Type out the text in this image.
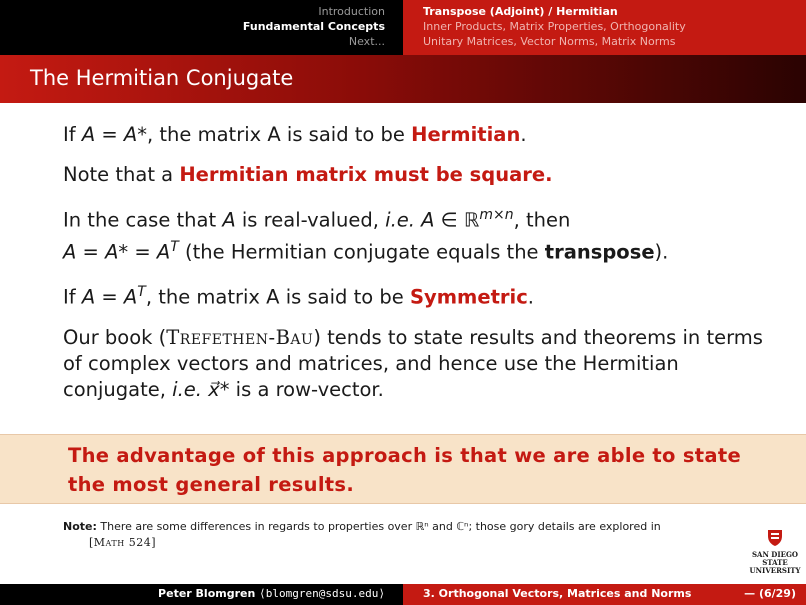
Introduction
Fundamental Concepts
Next...
Transpose (Adjoint) / Hermitian
Inner Products, Matrix Properties, Orthogonality
Unitary Matrices, Vector Norms, Matrix Norms
The Hermitian Conjugate

If A = A*, the matrix A is said to be Hermitian.

Note that a Hermitian matrix must be square.

In the case that A is real-valued, i.e. A ∈ ℝ$^{m\times n}$, then
$A = A* = A^T$ (the Hermitian conjugate equals the transpose).

If $A = A^T$, the matrix A is said to be Symmetric.

Our book (Trefethen-Bau) tends to state results and theorems in terms of complex vectors and matrices, and hence use the Hermitian conjugate, i.e. x⃗* is a row-vector.

The advantage of this approach is that we are able to state the most general results.
Note: There are some differences in regards to properties over ℝⁿ and ℂⁿ; those gory details are explored in
[Math 524]
SAN DIEGO STATE
UNIVERSITY
Peter Blomgren ⟨blomgren@sdsu.edu⟩	3. Orthogonal Vectors, Matrices and Norms	— (6/29)
